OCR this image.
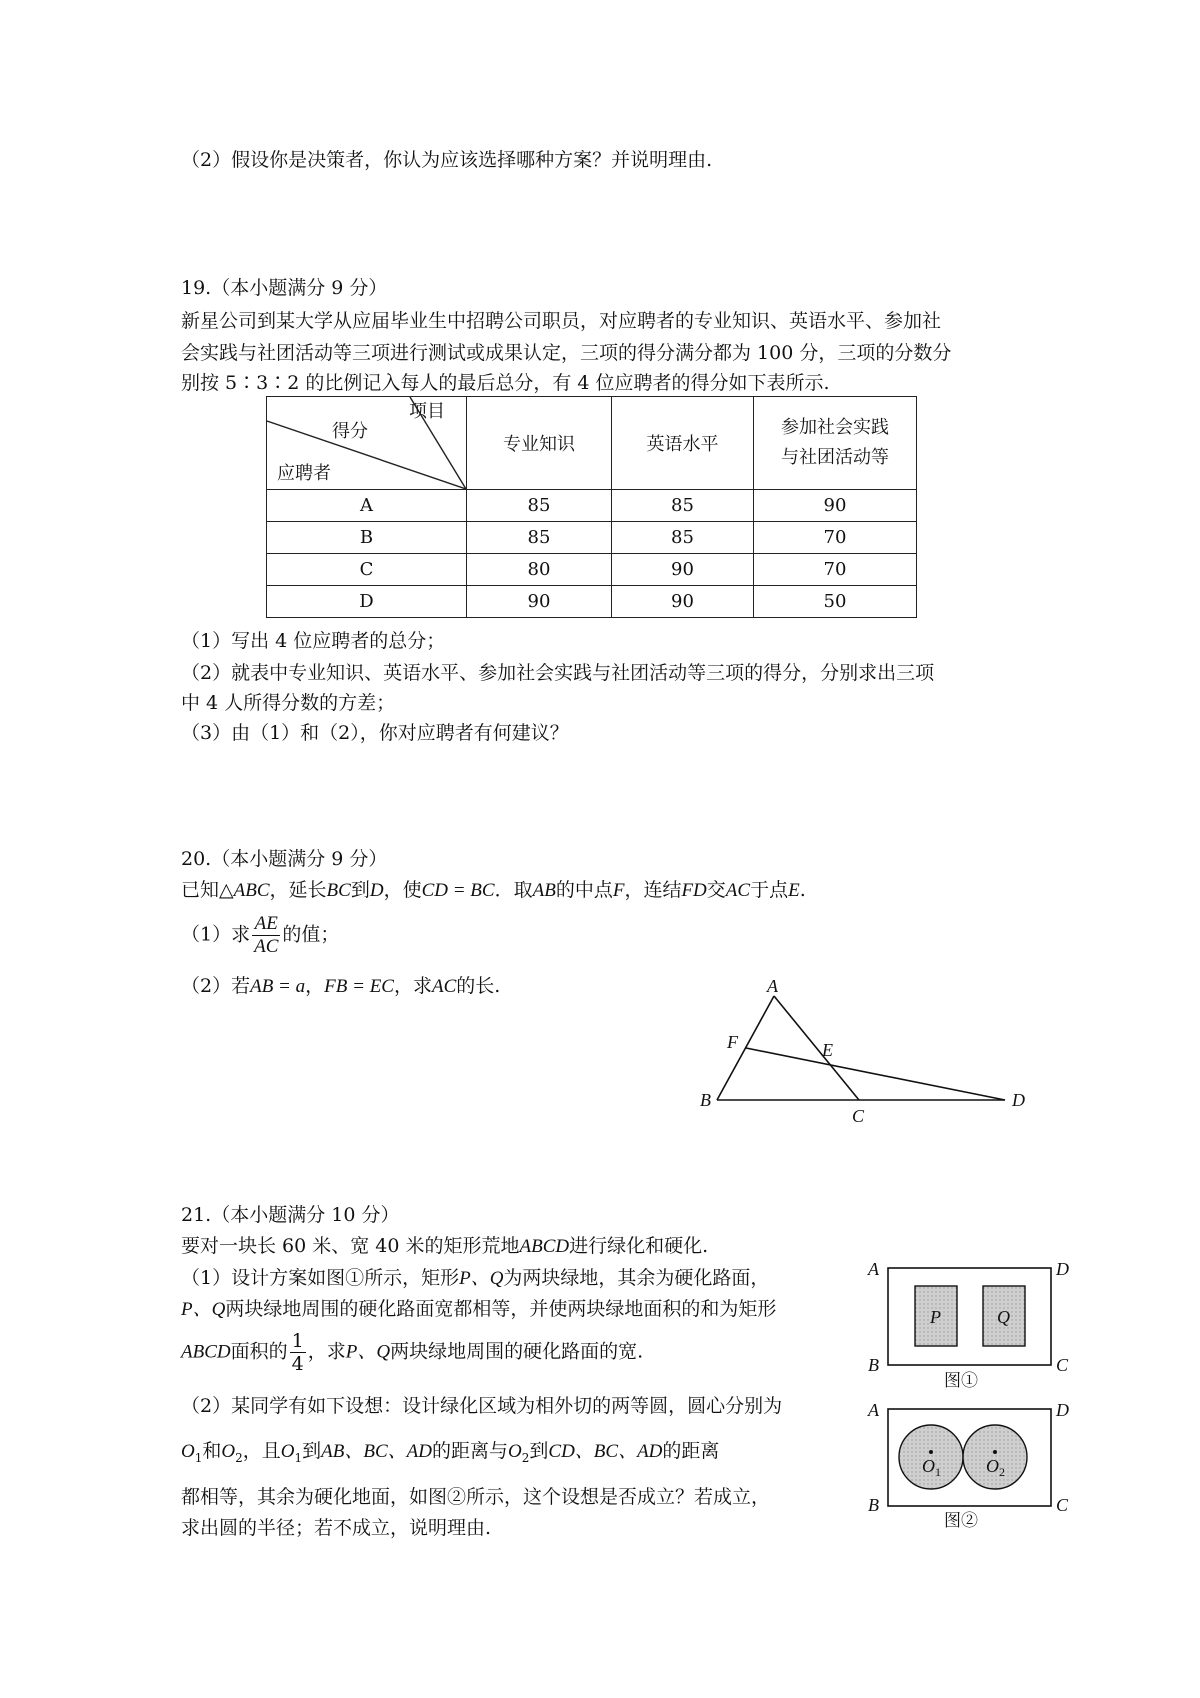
（2）假设你是决策者，你认为应该选择哪种方案？并说明理由.
19.（本小题满分 9 分）
新星公司到某大学从应届毕业生中招聘公司职员，对应聘者的专业知识、英语水平、参加社
会实践与社团活动等三项进行测试或成果认定，三项的得分满分都为 100 分，三项的分数分
别按 5∶3∶2 的比例记入每人的最后总分，有 4 位应聘者的得分如下表所示.
项目
得分
应聘者	专业知识	英语水平	参加社会实践
与社团活动等
A	85	85	90
B	85	85	70
C	80	90	70
D	90	90	50
（1）写出 4 位应聘者的总分；
（2）就表中专业知识、英语水平、参加社会实践与社团活动等三项的得分，分别求出三项
中 4 人所得分数的方差；
（3）由（1）和（2），你对应聘者有何建议？
20.（本小题满分 9 分）
已知△ABC，延长BC到D，使CD = BC．取AB的中点F，连结FD交AC于点E.
（1）求 $\frac{AE}{AC}$ 的值；
（2）若AB = a，FB = EC，求AC的长.	A
B
C
D
E
F
21.（本小题满分 10 分）
要对一块长 60 米、宽 40 米的矩形荒地ABCD进行绿化和硬化.
（1）设计方案如图①所示，矩形P、Q为两块绿地，其余为硬化路面，
P、Q两块绿地周围的硬化路面宽都相等，并使两块绿地面积的和为矩形
ABCD面积的 $\frac{1}{4}$ ，求P、Q两块绿地周围的硬化路面的宽.
（2）某同学有如下设想：设计绿化区域为相外切的两等圆，圆心分别为
$O_1$和$O_2$，且$O_1$到AB、BC、AD的距离与$O_2$到CD、BC、AD的距离
都相等，其余为硬化地面，如图②所示，这个设想是否成立？若成立，
求出圆的半径；若不成立，说明理由.
A
B	C
D
P	Q
图①
$O_1$	$O_2$
A
B	C
D
图②
